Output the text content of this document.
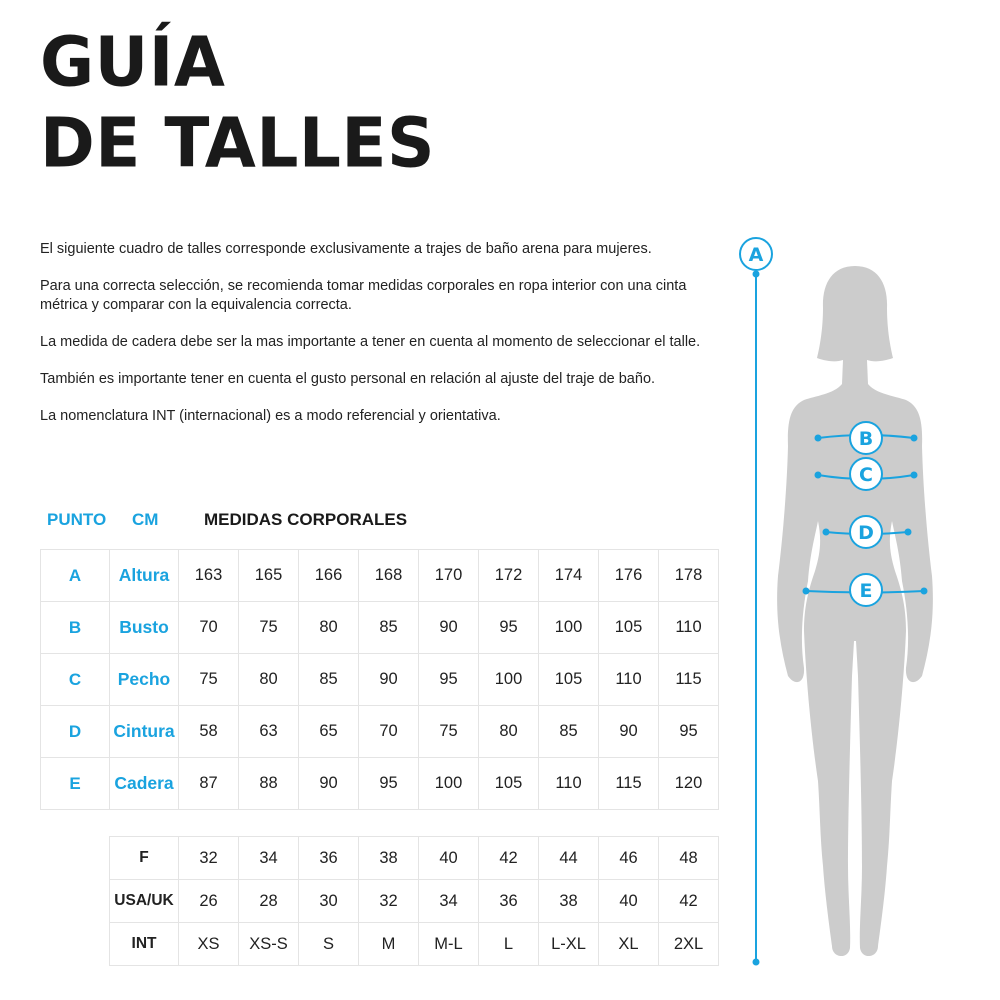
GUÍA
DE TALLES

El siguiente cuadro de talles corresponde exclusivamente a trajes de baño arena para mujeres.

Para una correcta selección, se recomienda tomar medidas corporales en ropa interior con una cinta métrica y comparar con la equivalencia correcta.

La medida de cadera debe ser la mas importante a tener en cuenta al momento de seleccionar el talle.

También es importante tener en cuenta el gusto personal en relación al ajuste del traje de baño.

La nomenclatura INT (internacional) es a modo referencial y orientativa.

PUNTO CM	MEDIDAS CORPORALES
A	Altura	163	165	166	168	170	172	174	176	178
B	Busto	70	75	80	85	90	95	100	105	110
C	Pecho	75	80	85	90	95	100	105	110	115
D	Cintura	58	63	65	70	75	80	85	90	95
E	Cadera	87	88	90	95	100	105	110	115	120
F	32	34	36	38	40	42	44	46	48
USA/UK	26	28	30	32	34	36	38	40	42
INT	XS	XS-S	S	M	M-L	L	L-XL	XL	2XL
A
B
C
D
E
